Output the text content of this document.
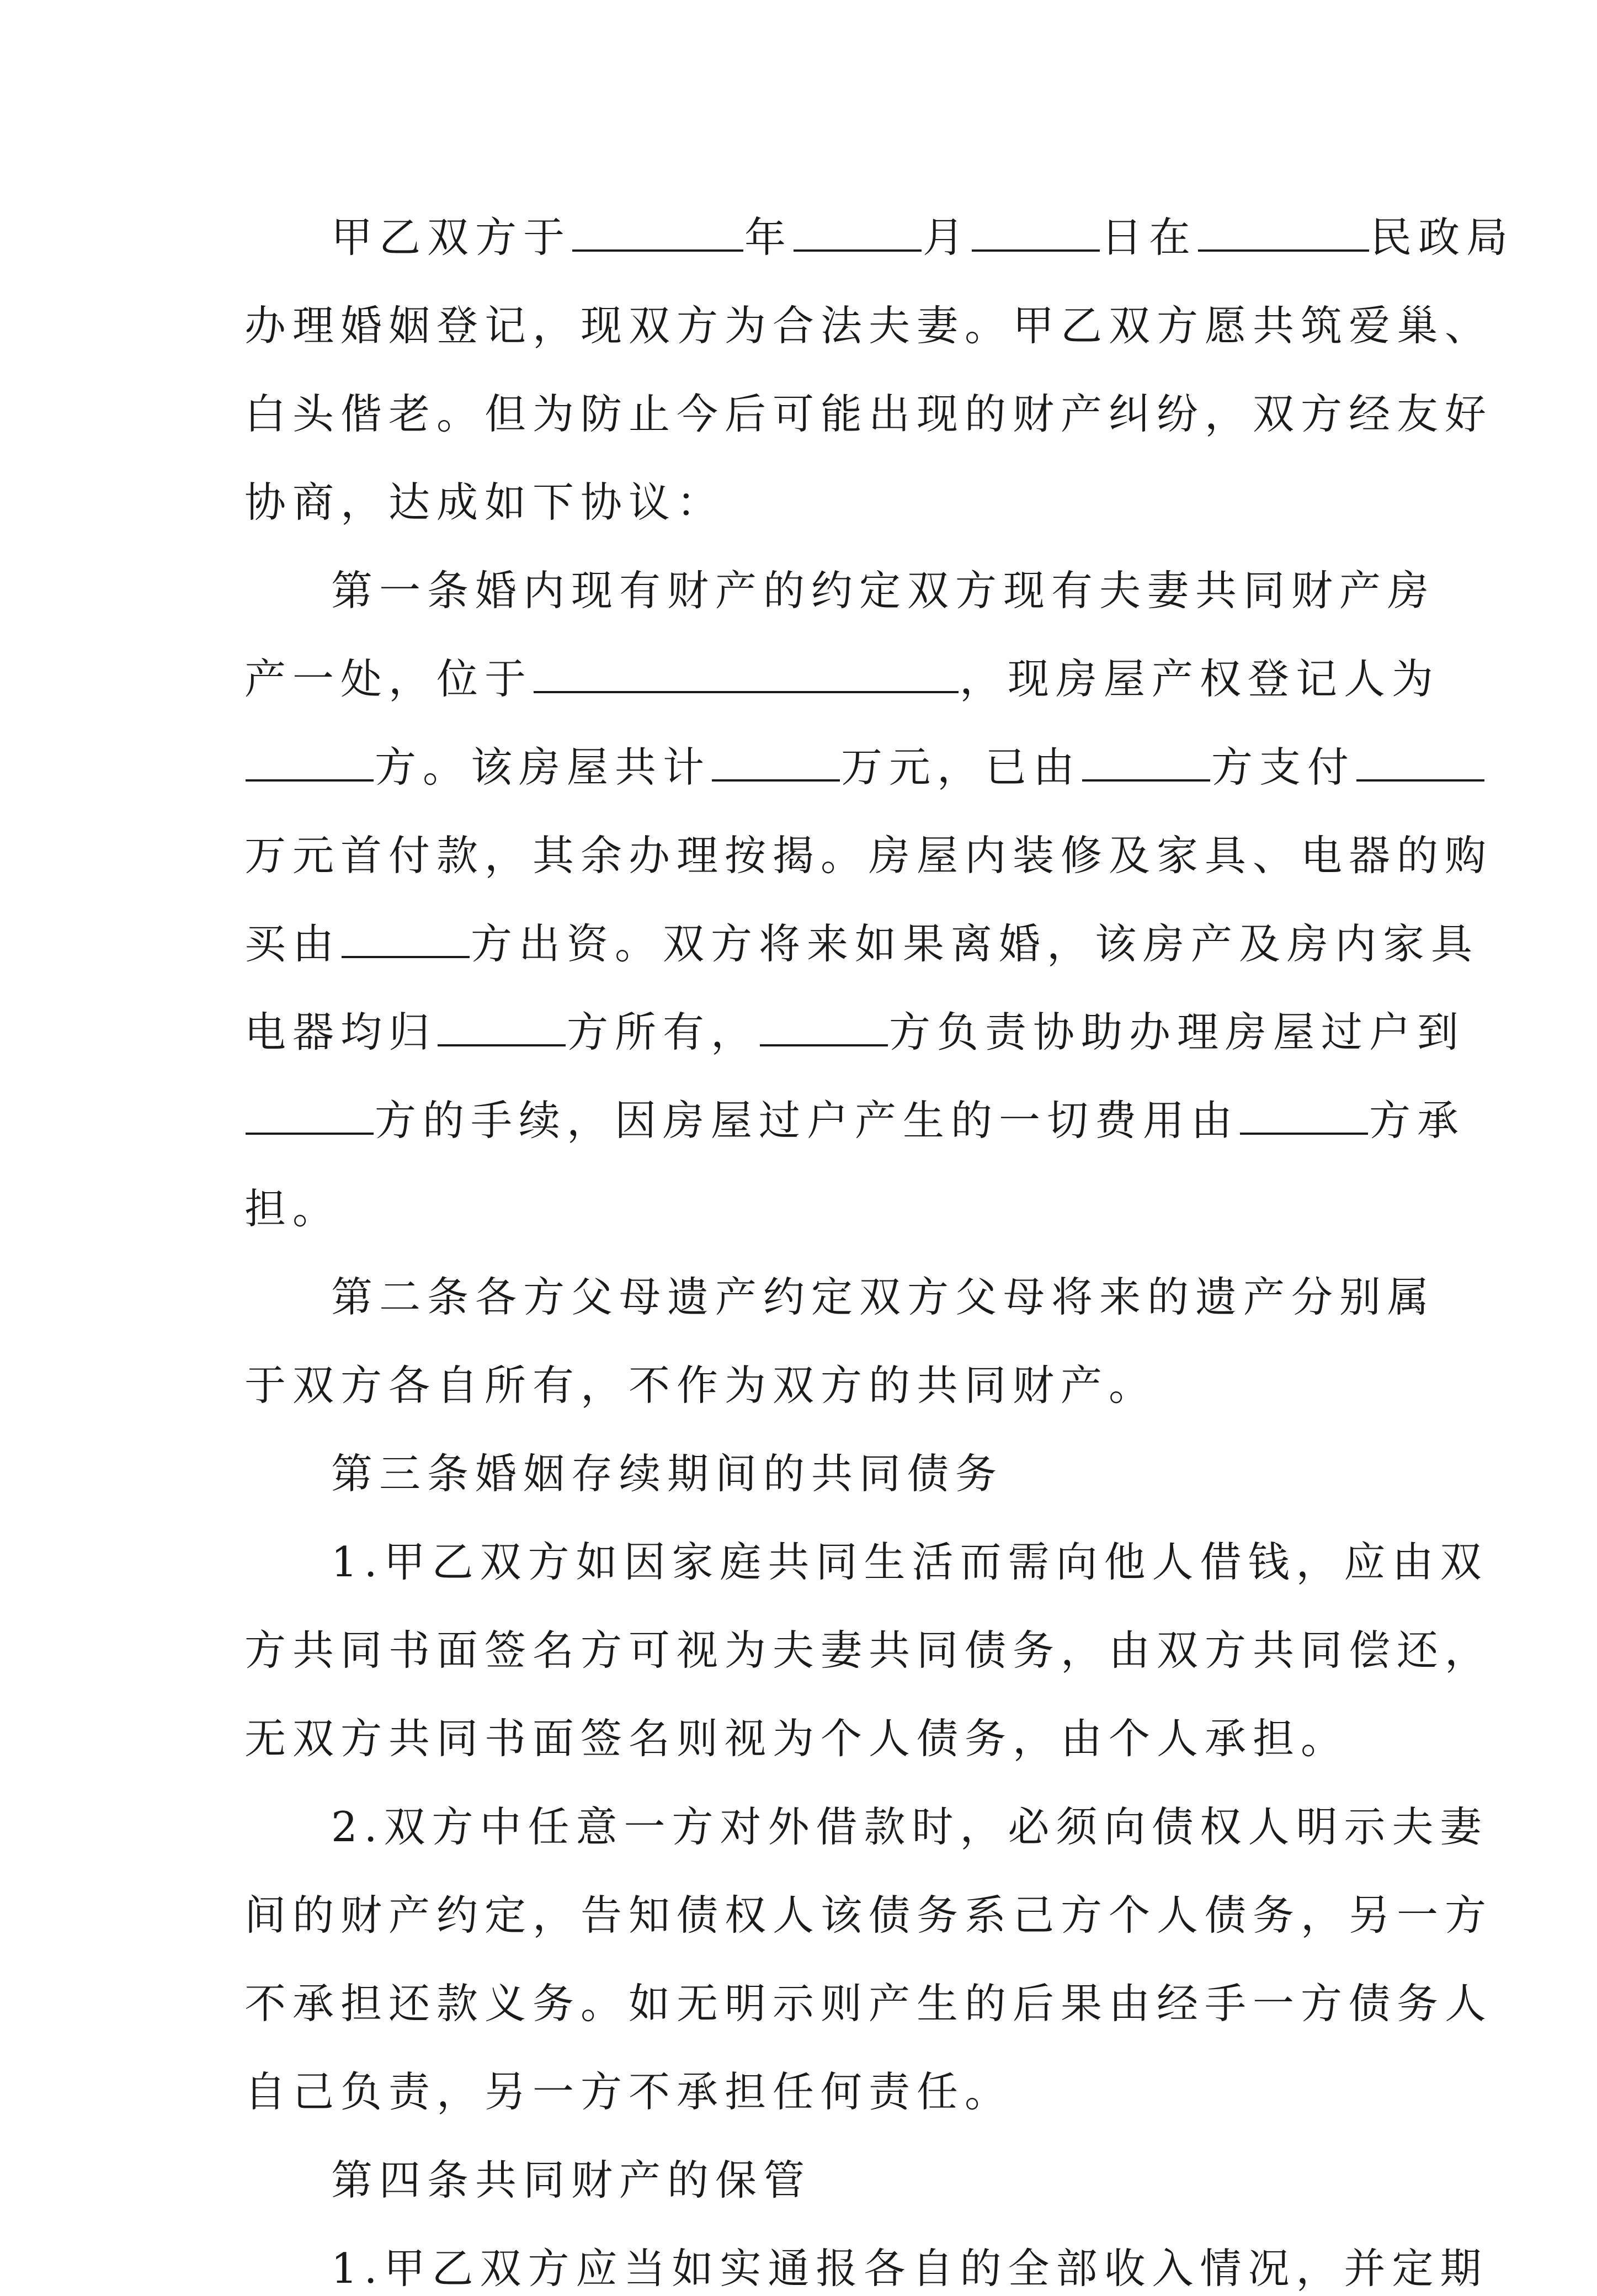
甲乙双方于	年	月	日在	民政局
办理婚姻登记，现双方为合法夫妻。甲乙双方愿共筑爱巢、
白头偕老。但为防止今后可能出现的财产纠纷，双方经友好
协商，达成如下协议：
第一条婚内现有财产的约定双方现有夫妻共同财产房
产一处，位于	，现房屋产权登记人为
方。该房屋共计	万元，已由	方支付
万元首付款，其余办理按揭。房屋内装修及家具、电器的购
买由	方出资。双方将来如果离婚，该房产及房内家具
电器均归	方所有，	方负责协助办理房屋过户到
方的手续，因房屋过户产生的一切费用由	方承
担。
第二条各方父母遗产约定双方父母将来的遗产分别属
于双方各自所有，不作为双方的共同财产。
第三条婚姻存续期间的共同债务
1.甲乙双方如因家庭共同生活而需向他人借钱，应由双
方共同书面签名方可视为夫妻共同债务，由双方共同偿还，
无双方共同书面签名则视为个人债务，由个人承担。
2.双方中任意一方对外借款时，必须向债权人明示夫妻
间的财产约定，告知债权人该债务系己方个人债务，另一方
不承担还款义务。如无明示则产生的后果由经手一方债务人
自己负责，另一方不承担任何责任。
第四条共同财产的保管
1.甲乙双方应当如实通报各自的全部收入情况，并定期
